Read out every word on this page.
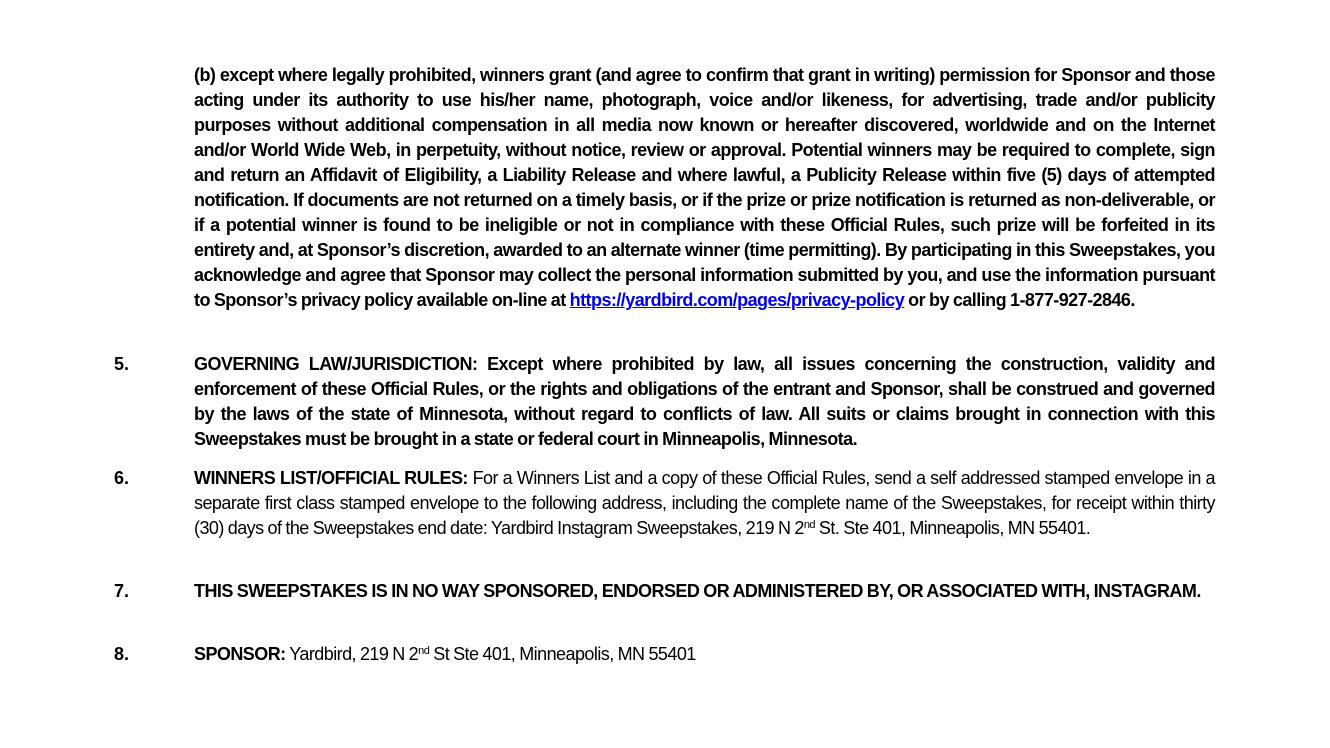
(b) except where legally prohibited, winners grant (and agree to confirm that grant in writing) permission for Sponsor and those acting under its authority to use his/her name, photograph, voice and/or likeness, for advertising, trade and/or publicity purposes without additional compensation in all media now known or hereafter discovered, worldwide and on the Internet and/or World Wide Web, in perpetuity, without notice, review or approval. Potential winners may be required to complete, sign and return an Affidavit of Eligibility, a Liability Release and where lawful, a Publicity Release within five (5) days of attempted notification. If documents are not returned on a timely basis, or if the prize or prize notification is returned as non-deliverable, or if a potential winner is found to be ineligible or not in compliance with these Official Rules, such prize will be forfeited in its entirety and, at Sponsor’s discretion, awarded to an alternate winner (time permitting). By participating in this Sweepstakes, you acknowledge and agree that Sponsor may collect the personal information submitted by you, and use the information pursuant to Sponsor’s privacy policy available on-line at https://yardbird.com/pages/privacy-policy or by calling 1-877-927-2846.
5.	GOVERNING LAW/JURISDICTION: Except where prohibited by law, all issues concerning the construction, validity and enforcement of these Official Rules, or the rights and obligations of the entrant and Sponsor, shall be construed and governed by the laws of the state of Minnesota, without regard to conflicts of law. All suits or claims brought in connection with this Sweepstakes must be brought in a state or federal court in Minneapolis, Minnesota.
6.	WINNERS LIST/OFFICIAL RULES: For a Winners List and a copy of these Official Rules, send a self addressed stamped envelope in a separate first class stamped envelope to the following address, including the complete name of the Sweepstakes, for receipt within thirty (30) days of the Sweepstakes end date: Yardbird Instagram Sweepstakes, 219 N 2nd St. Ste 401, Minneapolis, MN 55401.
7.	THIS SWEEPSTAKES IS IN NO WAY SPONSORED, ENDORSED OR ADMINISTERED BY, OR ASSOCIATED WITH, INSTAGRAM.
8.	SPONSOR: Yardbird, 219 N 2nd St Ste 401, Minneapolis, MN 55401
